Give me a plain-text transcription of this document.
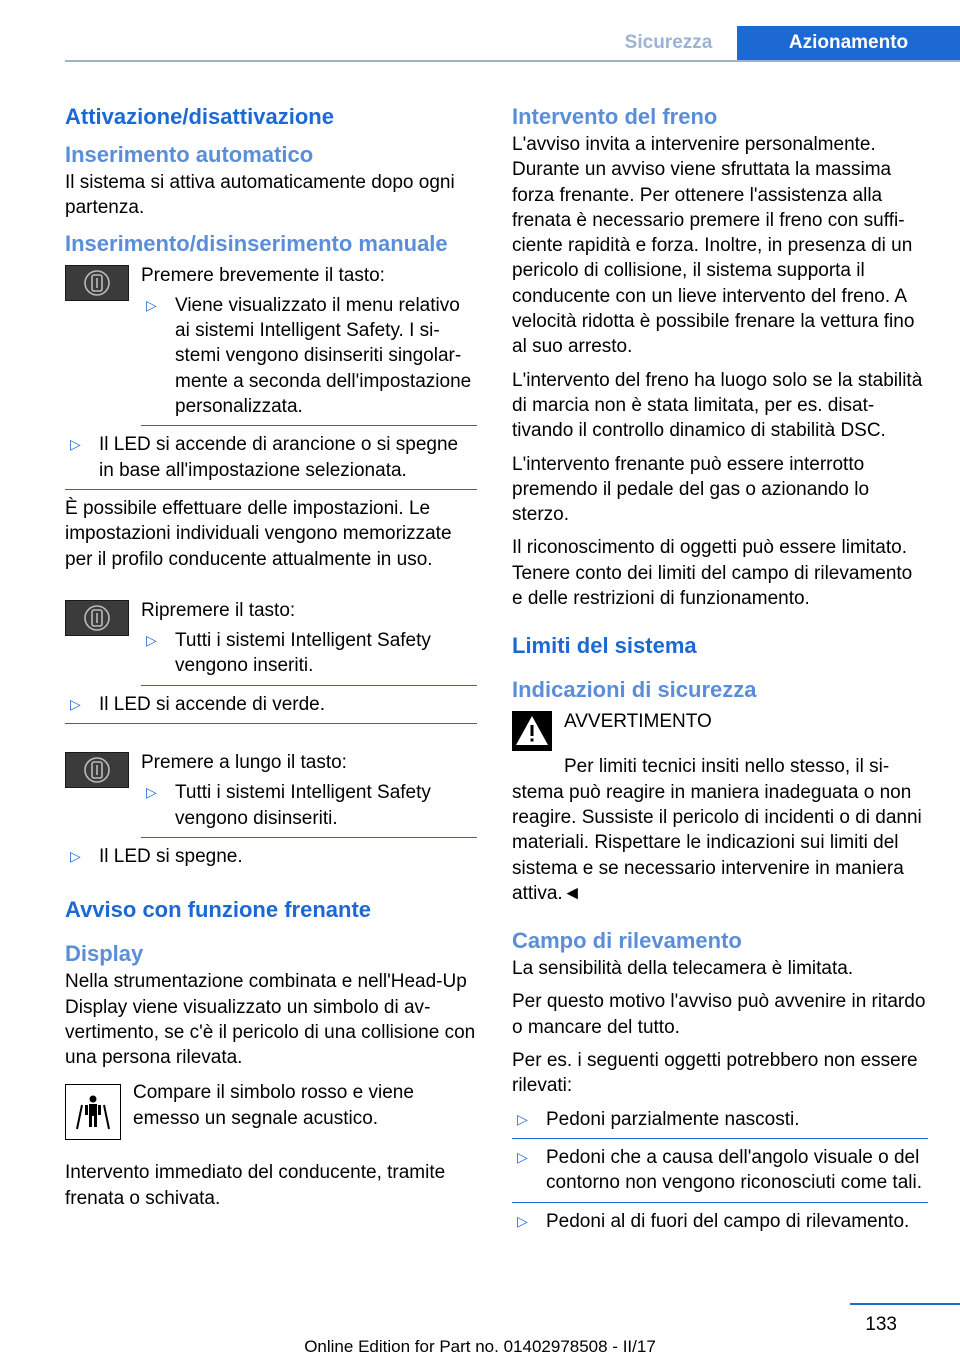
Sicurezza	Azionamento
Attivazione/disattivazione
Inserimento automatico

Il sistema si attiva automaticamente dopo ogni partenza.

Inserimento/disinserimento manuale

Premere brevemente il tasto:

▷ Viene visualizzato il menu relativo ai sistemi Intelligent Safety. I sistemi vengono disinseriti singolarmente a seconda dell'impostazione personalizzata.
▷ Il LED si accende di arancione o si spegne in base all'impostazione selezionata.

È possibile effettuare delle impostazioni. Le impostazioni individuali vengono memorizzate per il profilo conducente attualmente in uso.

Ripremere il tasto:

▷ Tutti i sistemi Intelligent Safety vengono inseriti.
▷ Il LED si accende di verde.

Premere a lungo il tasto:

▷ Tutti i sistemi Intelligent Safety vengono disinseriti.
▷ Il LED si spegne.
Avviso con funzione frenante
Display

Nella strumentazione combinata e nell'Head-Up Display viene visualizzato un simbolo di avvertimento, se c'è il pericolo di una collisione con una persona rilevata.

Compare il simbolo rosso e viene emesso un segnale acustico.

Intervento immediato del conducente, tramite frenata o schivata.

Intervento del freno

L'avviso invita a intervenire personalmente. Durante un avviso viene sfruttata la massima forza frenante. Per ottenere l'assistenza alla frenata è necessario premere il freno con sufficiente rapidità e forza. Inoltre, in presenza di un pericolo di collisione, il sistema supporta il conducente con un lieve intervento del freno. A velocità ridotta è possibile frenare la vettura fino al suo arresto.

L'intervento del freno ha luogo solo se la stabilità di marcia non è stata limitata, per es. disattivando il controllo dinamico di stabilità DSC.

L'intervento frenante può essere interrotto premendo il pedale del gas o azionando lo sterzo.

Il riconoscimento di oggetti può essere limitato. Tenere conto dei limiti del campo di rilevamento e delle restrizioni di funzionamento.

Limiti del sistema
Indicazioni di sicurezza

AVVERTIMENTO

Per limiti tecnici insiti nello stesso, il sistema può reagire in maniera inadeguata o non reagire. Sussiste il pericolo di incidenti o di danni materiali. Rispettare le indicazioni sui limiti del sistema e se necessario intervenire in maniera attiva.◄

Campo di rilevamento

La sensibilità della telecamera è limitata.

Per questo motivo l'avviso può avvenire in ritardo o mancare del tutto.

Per es. i seguenti oggetti potrebbero non essere rilevati:

▷ Pedoni parzialmente nascosti.
▷ Pedoni che a causa dell'angolo visuale o del contorno non vengono riconosciuti come tali.
▷ Pedoni al di fuori del campo di rilevamento.
133
Online Edition for Part no. 01402978508 - II/17
